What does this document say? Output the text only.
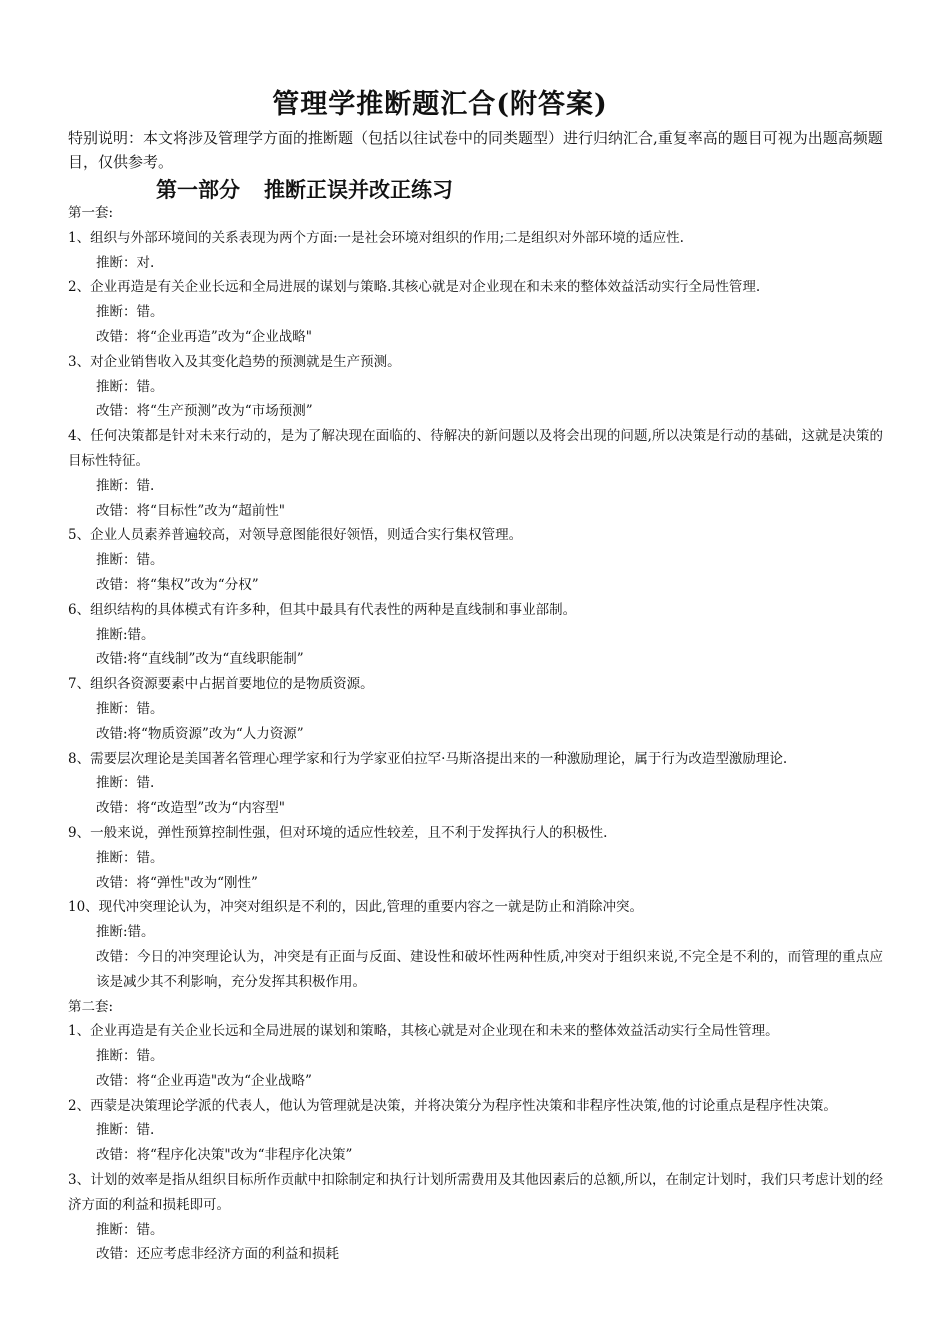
管理学推断题汇合(附答案)

特别说明：本文将涉及管理学方面的推断题（包括以往试卷中的同类题型）进行归纳汇合,重复率高的题目可视为出题高频题目，仅供参考。

第一部分 推断正误并改正练习

第一套:

1、组织与外部环境间的关系表现为两个方面:一是社会环境对组织的作用;二是组织对外部环境的适应性.

推断：对.

2、企业再造是有关企业长远和全局进展的谋划与策略.其核心就是对企业现在和未来的整体效益活动实行全局性管理.

推断：错。

改错：将“企业再造”改为“企业战略"

3、对企业销售收入及其变化趋势的预测就是生产预测。

推断：错。

改错：将“生产预测”改为“市场预测”

4、任何决策都是针对未来行动的，是为了解决现在面临的、待解决的新问题以及将会出现的问题,所以决策是行动的基础，这就是决策的目标性特征。

推断：错.

改错：将“目标性”改为“超前性"

5、企业人员素养普遍较高，对领导意图能很好领悟，则适合实行集权管理。

推断：错。

改错：将“集权”改为“分权”

6、组织结构的具体模式有许多种，但其中最具有代表性的两种是直线制和事业部制。

推断:错。

改错:将“直线制”改为“直线职能制”

7、组织各资源要素中占据首要地位的是物质资源。

推断：错。

改错:将“物质资源”改为“人力资源”

8、需要层次理论是美国著名管理心理学家和行为学家亚伯拉罕·马斯洛提出来的一种激励理论，属于行为改造型激励理论.

推断：错.

改错：将“改造型”改为“内容型"

9、一般来说，弹性预算控制性强，但对环境的适应性较差，且不利于发挥执行人的积极性.

推断：错。

改错：将“弹性"改为“刚性”

10、现代冲突理论认为，冲突对组织是不利的，因此,管理的重要内容之一就是防止和消除冲突。

推断:错。

改错：今日的冲突理论认为，冲突是有正面与反面、建设性和破坏性两种性质,冲突对于组织来说,不完全是不利的，而管理的重点应该是减少其不利影响，充分发挥其积极作用。

第二套:

1、企业再造是有关企业长远和全局进展的谋划和策略，其核心就是对企业现在和未来的整体效益活动实行全局性管理。

推断：错。

改错：将“企业再造"改为“企业战略”

2、西蒙是决策理论学派的代表人，他认为管理就是决策，并将决策分为程序性决策和非程序性决策,他的讨论重点是程序性决策。

推断：错.

改错：将“程序化决策"改为“非程序化决策”

3、计划的效率是指从组织目标所作贡献中扣除制定和执行计划所需费用及其他因素后的总额,所以，在制定计划时，我们只考虑计划的经济方面的利益和损耗即可。

推断：错。

改错：还应考虑非经济方面的利益和损耗
